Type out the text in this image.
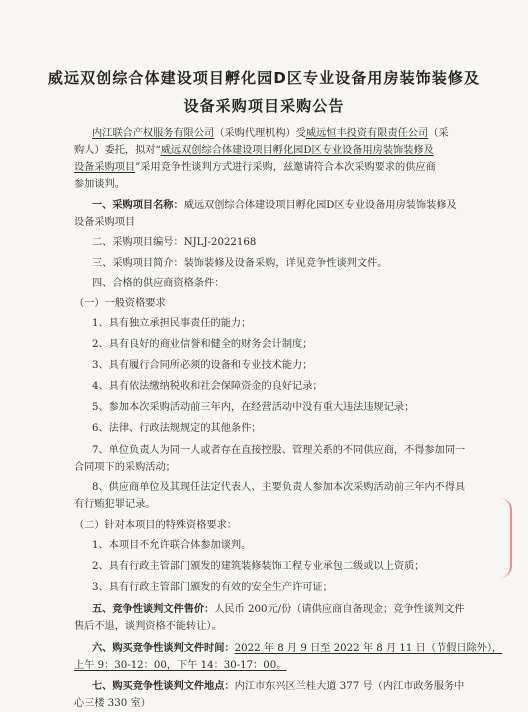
威远双创综合体建设项目孵化园D区专业设备用房装饰装修及
设备采购项目采购公告
内江联合产权服务有限公司（采购代理机构）受威远恒丰投资有限责任公司（采
购人）委托，拟对“威远双创综合体建设项目孵化园D区专业设备用房装饰装修及
设备采购项目”采用竞争性谈判方式进行采购，兹邀请符合本次采购要求的供应商
参加谈判。
一、采购项目名称：威远双创综合体建设项目孵化园D区专业设备用房装饰装修及
设备采购项目
二、采购项目编号：NJLJ-2022168
三、采购项目简介：装饰装修及设备采购，详见竞争性谈判文件。
四、合格的供应商资格条件：
（一）一般资格要求
1、具有独立承担民事责任的能力；
2、具有良好的商业信誉和健全的财务会计制度；
3、具有履行合同所必须的设备和专业技术能力；
4、具有依法缴纳税收和社会保障资金的良好记录；
5、参加本次采购活动前三年内，在经营活动中没有重大违法违规记录；
6、法律、行政法规规定的其他条件；
7、单位负责人为同一人或者存在直接控股、管理关系的不同供应商，不得参加同一
合同项下的采购活动；
8、供应商单位及其现任法定代表人、主要负责人参加本次采购活动前三年内不得具
有行贿犯罪记录。
（二）针对本项目的特殊资格要求：
1、本项目不允许联合体参加谈判。
2、具有行政主管部门颁发的建筑装修装饰工程专业承包二级或以上资质；
3、具有行政主管部门颁发的有效的安全生产许可证；
五、竞争性谈判文件售价：人民币 200元/份（请供应商自备现金；竞争性谈判文件
售后不退，谈判资格不能转让）。
六、购买竞争性谈判文件时间：2022 年 8 月 9 日至 2022 年 8 月 11 日（节假日除外），
上午 9：30-12：00，下午 14：30-17：00。
七、购买竞争性谈判文件地点：内江市东兴区兰桂大道 377 号（内江市政务服务中
心三楼 330 室）
